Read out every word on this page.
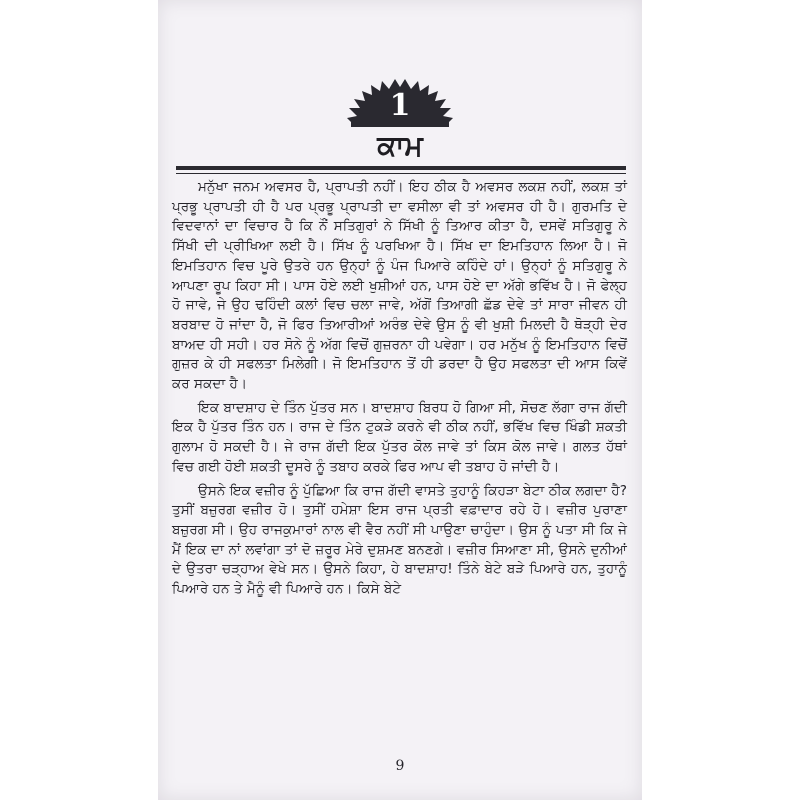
1
ਕਾਮ

ਮਨੁੱਖਾ ਜਨਮ ਅਵਸਰ ਹੈ, ਪ੍ਰਾਪਤੀ ਨਹੀਂ। ਇਹ ਠੀਕ ਹੈ ਅਵਸਰ ਲਕਸ਼ ਨਹੀਂ, ਲਕਸ਼ ਤਾਂ ਪ੍ਰਭੂ ਪ੍ਰਾਪਤੀ ਹੀ ਹੈ ਪਰ ਪ੍ਰਭੂ ਪ੍ਰਾਪਤੀ ਦਾ ਵਸੀਲਾ ਵੀ ਤਾਂ ਅਵਸਰ ਹੀ ਹੈ। ਗੁਰਮਤਿ ਦੇ ਵਿਦਵਾਨਾਂ ਦਾ ਵਿਚਾਰ ਹੈ ਕਿ ਨੌਂ ਸਤਿਗੁਰਾਂ ਨੇ ਸਿੱਖੀ ਨੂੰ ਤਿਆਰ ਕੀਤਾ ਹੈ, ਦਸਵੇਂ ਸਤਿਗੁਰੂ ਨੇ ਸਿੱਖੀ ਦੀ ਪ੍ਰੀਖਿਆ ਲਈ ਹੈ। ਸਿੱਖ ਨੂੰ ਪਰਖਿਆ ਹੈ। ਸਿੱਖ ਦਾ ਇਮਤਿਹਾਨ ਲਿਆ ਹੈ। ਜੋ ਇਮਤਿਹਾਨ ਵਿਚ ਪੂਰੇ ਉਤਰੇ ਹਨ ਉਨ੍ਹਾਂ ਨੂੰ ਪੰਜ ਪਿਆਰੇ ਕਹਿੰਦੇ ਹਾਂ। ਉਨ੍ਹਾਂ ਨੂੰ ਸਤਿਗੁਰੂ ਨੇ ਆਪਣਾ ਰੂਪ ਕਿਹਾ ਸੀ। ਪਾਸ ਹੋਏ ਲਈ ਖੁਸ਼ੀਆਂ ਹਨ, ਪਾਸ ਹੋਏ ਦਾ ਅੱਗੇ ਭਵਿੱਖ ਹੈ। ਜੋ ਫੇਲ੍ਹ ਹੋ ਜਾਵੇ, ਜੇ ਉਹ ਢਹਿੰਦੀ ਕਲਾਂ ਵਿਚ ਚਲਾ ਜਾਵੇ, ਅੱਗੋਂ ਤਿਆਗੀ ਛੱਡ ਦੇਵੇ ਤਾਂ ਸਾਰਾ ਜੀਵਨ ਹੀ ਬਰਬਾਦ ਹੋ ਜਾਂਦਾ ਹੈ, ਜੋ ਫਿਰ ਤਿਆਰੀਆਂ ਅਰੰਭ ਦੇਵੇ ਉਸ ਨੂੰ ਵੀ ਖੁਸ਼ੀ ਮਿਲਦੀ ਹੈ ਥੋੜ੍ਹੀ ਦੇਰ ਬਾਅਦ ਹੀ ਸਹੀ। ਹਰ ਸੋਨੇ ਨੂੰ ਅੱਗ ਵਿਚੋਂ ਗੁਜ਼ਰਨਾ ਹੀ ਪਵੇਗਾ। ਹਰ ਮਨੁੱਖ ਨੂੰ ਇਮਤਿਹਾਨ ਵਿਚੋਂ ਗੁਜ਼ਰ ਕੇ ਹੀ ਸਫਲਤਾ ਮਿਲੇਗੀ। ਜੋ ਇਮਤਿਹਾਨ ਤੋਂ ਹੀ ਡਰਦਾ ਹੈ ਉਹ ਸਫਲਤਾ ਦੀ ਆਸ ਕਿਵੇਂ ਕਰ ਸਕਦਾ ਹੈ।

ਇਕ ਬਾਦਸ਼ਾਹ ਦੇ ਤਿੰਨ ਪੁੱਤਰ ਸਨ। ਬਾਦਸ਼ਾਹ ਬਿਰਧ ਹੋ ਗਿਆ ਸੀ, ਸੋਚਣ ਲੱਗਾ ਰਾਜ ਗੱਦੀ ਇਕ ਹੈ ਪੁੱਤਰ ਤਿੰਨ ਹਨ। ਰਾਜ ਦੇ ਤਿੰਨ ਟੁਕੜੇ ਕਰਨੇ ਵੀ ਠੀਕ ਨਹੀਂ, ਭਵਿੱਖ ਵਿਚ ਖਿੰਡੀ ਸ਼ਕਤੀ ਗੁਲਾਮ ਹੋ ਸਕਦੀ ਹੈ। ਜੇ ਰਾਜ ਗੱਦੀ ਇਕ ਪੁੱਤਰ ਕੋਲ ਜਾਵੇ ਤਾਂ ਕਿਸ ਕੋਲ ਜਾਵੇ। ਗਲਤ ਹੱਥਾਂ ਵਿਚ ਗਈ ਹੋਈ ਸ਼ਕਤੀ ਦੂਸਰੇ ਨੂੰ ਤਬਾਹ ਕਰਕੇ ਫਿਰ ਆਪ ਵੀ ਤਬਾਹ ਹੋ ਜਾਂਦੀ ਹੈ।

ਉਸਨੇ ਇਕ ਵਜ਼ੀਰ ਨੂੰ ਪੁੱਛਿਆ ਕਿ ਰਾਜ ਗੱਦੀ ਵਾਸਤੇ ਤੁਹਾਨੂੰ ਕਿਹੜਾ ਬੇਟਾ ਠੀਕ ਲਗਦਾ ਹੈ? ਤੁਸੀਂ ਬਜ਼ੁਰਗ ਵਜ਼ੀਰ ਹੋ। ਤੁਸੀਂ ਹਮੇਸ਼ਾ ਇਸ ਰਾਜ ਪ੍ਰਤੀ ਵਫ਼ਾਦਾਰ ਰਹੇ ਹੋ। ਵਜ਼ੀਰ ਪੁਰਾਣਾ ਬਜ਼ੁਰਗ ਸੀ। ਉਹ ਰਾਜਕੁਮਾਰਾਂ ਨਾਲ ਵੀ ਵੈਰ ਨਹੀਂ ਸੀ ਪਾਉਣਾ ਚਾਹੁੰਦਾ। ਉਸ ਨੂੰ ਪਤਾ ਸੀ ਕਿ ਜੇ ਮੈਂ ਇਕ ਦਾ ਨਾਂ ਲਵਾਂਗਾ ਤਾਂ ਦੋ ਜ਼ਰੂਰ ਮੇਰੇ ਦੁਸ਼ਮਣ ਬਨਣਗੇ। ਵਜ਼ੀਰ ਸਿਆਣਾ ਸੀ, ਉਸਨੇ ਦੁਨੀਆਂ ਦੇ ਉਤਰਾ ਚੜ੍ਹਾਅ ਵੇਖੇ ਸਨ। ਉਸਨੇ ਕਿਹਾ, ਹੇ ਬਾਦਸ਼ਾਹ! ਤਿੰਨੇ ਬੇਟੇ ਬੜੇ ਪਿਆਰੇ ਹਨ, ਤੁਹਾਨੂੰ ਪਿਆਰੇ ਹਨ ਤੇ ਮੈਨੂੰ ਵੀ ਪਿਆਰੇ ਹਨ। ਕਿਸੇ ਬੇਟੇ

9
